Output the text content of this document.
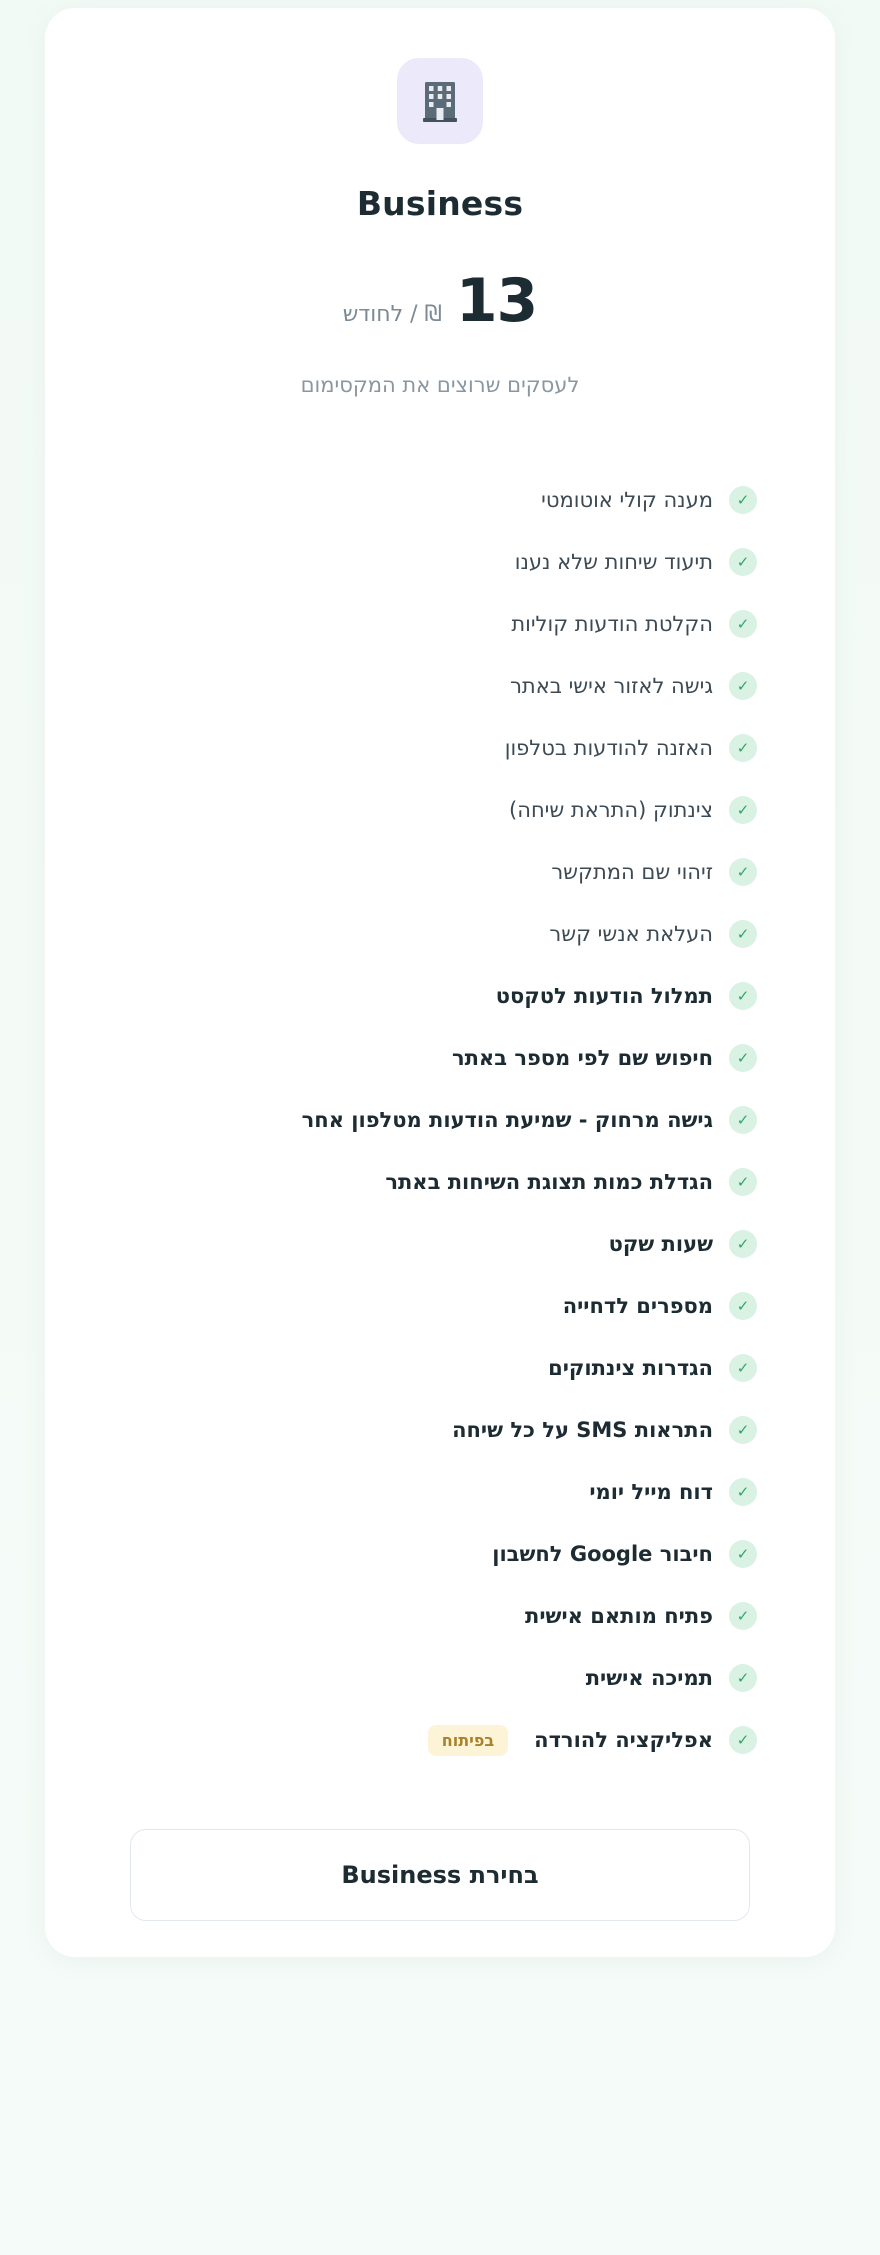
Business
13
₪ / לחודש
לעסקים שרוצים את המקסימום
✓
מענה קולי אוטומטי
✓
תיעוד שיחות שלא נענו
✓
הקלטת הודעות קוליות
✓
גישה לאזור אישי באתר
✓
האזנה להודעות בטלפון
✓
צינתוק (התראת שיחה)
✓
זיהוי שם המתקשר
✓
העלאת אנשי קשר
✓
תמלול הודעות לטקסט
✓
חיפוש שם לפי מספר באתר
✓
גישה מרחוק - שמיעת הודעות מטלפון אחר
✓
הגדלת כמות תצוגת השיחות באתר
✓
שעות שקט
✓
מספרים לדחייה
✓
הגדרות צינתוקים
✓
התראות SMS על כל שיחה
✓
דוח מייל יומי
✓
חיבור Google לחשבון
✓
פתיח מותאם אישית
✓
תמיכה אישית
✓
אפליקציה להורדה
בפיתוח
בחירת Business
